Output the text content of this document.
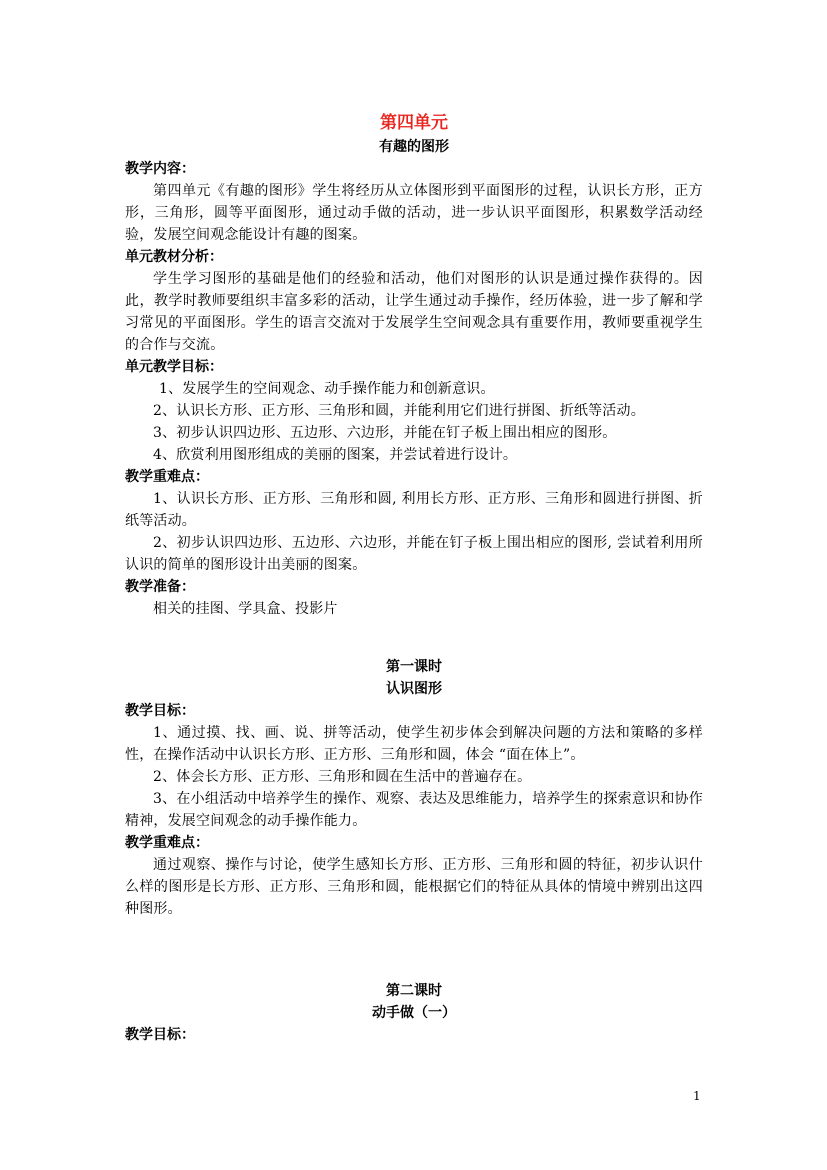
第四单元

有趣的图形

教学内容：

第四单元《有趣的图形》学生将经历从立体图形到平面图形的过程，认识长方形，正方形，三角形，圆等平面图形，通过动手做的活动，进一步认识平面图形，积累数学活动经验，发展空间观念能设计有趣的图案。

单元教材分析：

学生学习图形的基础是他们的经验和活动，他们对图形的认识是通过操作获得的。因此，教学时教师要组织丰富多彩的活动，让学生通过动手操作，经历体验，进一步了解和学习常见的平面图形。学生的语言交流对于发展学生空间观念具有重要作用，教师要重视学生的合作与交流。

单元教学目标：

1、发展学生的空间观念、动手操作能力和创新意识。

2、认识长方形、正方形、三角形和圆，并能利用它们进行拼图、折纸等活动。

3、初步认识四边形、五边形、六边形，并能在钉子板上围出相应的图形。

4、欣赏利用图形组成的美丽的图案，并尝试着进行设计。

教学重难点：

1、认识长方形、正方形、三角形和圆, 利用长方形、正方形、三角形和圆进行拼图、折纸等活动。

2、初步认识四边形、五边形、六边形，并能在钉子板上围出相应的图形, 尝试着利用所认识的简单的图形设计出美丽的图案。

教学准备：

相关的挂图、学具盒、投影片

第一课时

认识图形

教学目标：

1、通过摸、找、画、说、拼等活动，使学生初步体会到解决问题的方法和策略的多样性，在操作活动中认识长方形、正方形、三角形和圆，体会 “面在体上”。

2、体会长方形、正方形、三角形和圆在生活中的普遍存在。

3、在小组活动中培养学生的操作、观察、表达及思维能力，培养学生的探索意识和协作精神，发展空间观念的动手操作能力。

教学重难点：

通过观察、操作与讨论，使学生感知长方形、正方形、三角形和圆的特征，初步认识什么样的图形是长方形、正方形、三角形和圆，能根据它们的特征从具体的情境中辨别出这四种图形。

第二课时

动手做（一）

教学目标：

1
